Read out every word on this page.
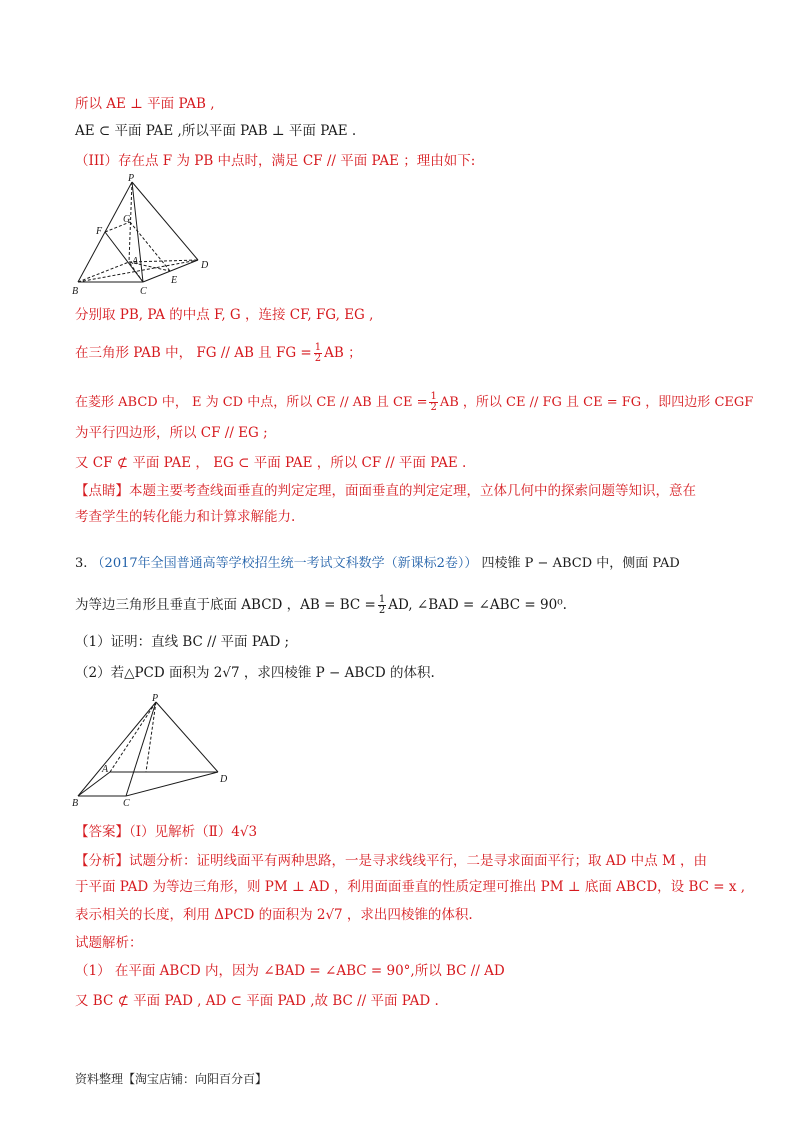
所以 AE ⊥ 平面 PAB ,
AE ⊂ 平面 PAE ,所以平面 PAB ⊥ 平面 PAE .
（III）存在点 F 为 PB 中点时，满足 CF // 平面 PAE ；理由如下:
P
G
F
A	D
B	C
E
分别取 PB, PA 的中点 F, G ，连接 CF, FG, EG ,
在三角形 PAB 中， FG // AB 且 FG = $\frac{1}{2}$ AB ；
在菱形 ABCD 中， E 为 CD 中点，所以 CE // AB 且 CE = $\frac{1}{2}$ AB ，所以 CE // FG 且 CE = FG ，即四边形 CEGF
为平行四边形，所以 CF // EG ;
又 CF ⊄ 平面 PAE ， EG ⊂ 平面 PAE ，所以 CF // 平面 PAE .
【点睛】本题主要考查线面垂直的判定定理，面面垂直的判定定理，立体几何中的探索问题等知识，意在
考查学生的转化能力和计算求解能力.
3. （2017年全国普通高等学校招生统一考试文科数学（新课标2卷）） 四棱锥 P − ABCD 中，侧面 PAD
为等边三角形且垂直于底面 ABCD ，AB = BC = $\frac{1}{2}$ AD, ∠BAD = ∠ABC = 90⁰.
（1）证明：直线 BC // 平面 PAD ;
（2）若△PCD 面积为 2√7 ，求四棱锥 P − ABCD 的体积.
P
A
D
B	C
【答案】（Ⅰ）见解析（Ⅱ）4√3
【分析】试题分析：证明线面平有两种思路，一是寻求线线平行，二是寻求面面平行；取 AD 中点 M ，由
于平面 PAD 为等边三角形，则 PM ⊥ AD ，利用面面垂直的性质定理可推出 PM ⊥ 底面 ABCD，设 BC = x ,
表示相关的长度，利用 ΔPCD 的面积为 2√7 ，求出四棱锥的体积.
试题解析：
（1） 在平面 ABCD 内，因为 ∠BAD = ∠ABC = 90°,所以 BC // AD
又 BC ⊄ 平面 PAD , AD ⊂ 平面 PAD ,故 BC // 平面 PAD .
资料整理【淘宝店铺：向阳百分百】
